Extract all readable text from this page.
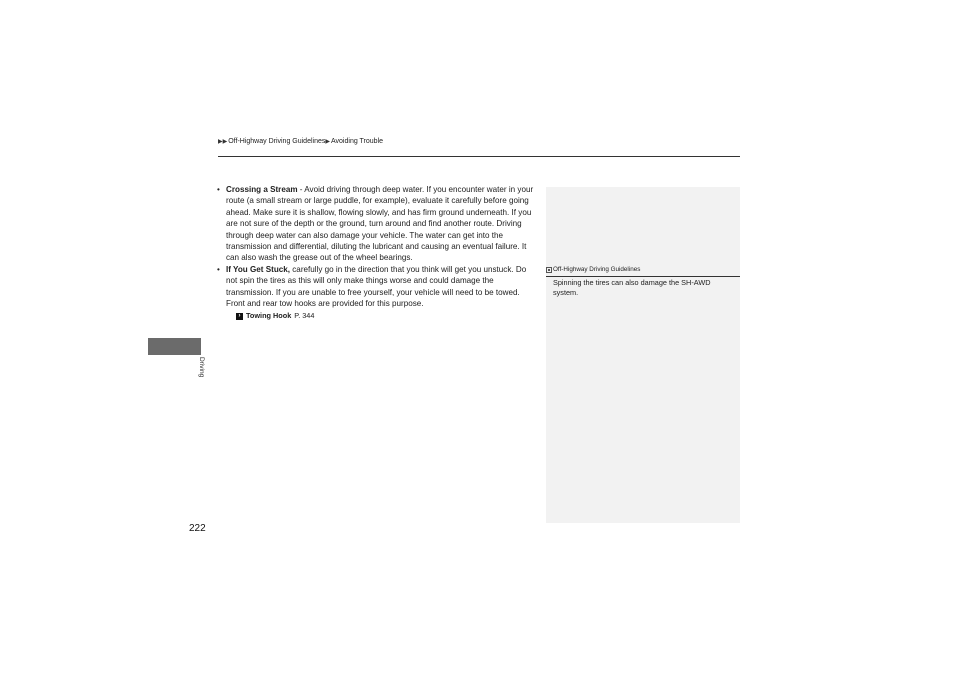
▶▶ Off-Highway Driving Guidelines ▶ Avoiding Trouble

• Crossing a Stream - Avoid driving through deep water. If you encounter water in your route (a small stream or large puddle, for example), evaluate it carefully before going ahead. Make sure it is shallow, flowing slowly, and has firm ground underneath. If you are not sure of the depth or the ground, turn around and find another route. Driving through deep water can also damage your vehicle. The water can get into the transmission and differential, diluting the lubricant and causing an eventual failure. It can also wash the grease out of the wheel bearings.

• If You Get Stuck, carefully go in the direction that you think will get you unstuck. Do not spin the tires as this will only make things worse and could damage the transmission. If you are unable to free yourself, your vehicle will need to be towed. Front and rear tow hooks are provided for this purpose.

› Towing Hook P. 344
Off-Highway Driving Guidelines
Spinning the tires can also damage the SH-AWD system.
Driving
222
